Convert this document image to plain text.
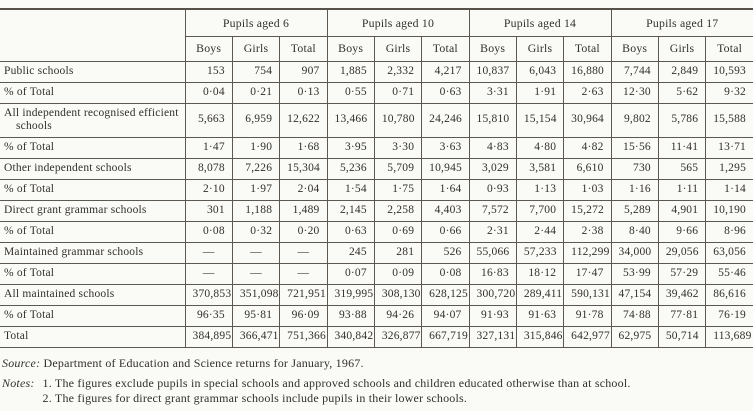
	Pupils aged 6			Pupils aged 10			Pupils aged 14			Pupils aged 17		
	Boys	Girls	Total	Boys	Girls	Total	Boys	Girls	Total	Boys	Girls	Total
Public schools	153	754	907	1,885	2,332	4,217	10,837	6,043	16,880	7,744	2,849	10,593
% of Total	0·04	0·21	0·13	0·55	0·71	0·63	3·31	1·91	2·63	12·30	5·62	9·32
All independent recognised efficient schools	5,663	6,959	12,622	13,466	10,780	24,246	15,810	15,154	30,964	9,802	5,786	15,588
% of Total	1·47	1·90	1·68	3·95	3·30	3·63	4·83	4·80	4·82	15·56	11·41	13·71
Other independent schools	8,078	7,226	15,304	5,236	5,709	10,945	3,029	3,581	6,610	730	565	1,295
% of Total	2·10	1·97	2·04	1·54	1·75	1·64	0·93	1·13	1·03	1·16	1·11	1·14
Direct grant grammar schools	301	1,188	1,489	2,145	2,258	4,403	7,572	7,700	15,272	5,289	4,901	10,190
% of Total	0·08	0·32	0·20	0·63	0·69	0·66	2·31	2·44	2·38	8·40	9·66	8·96
Maintained grammar schools	—	—	—	245	281	526	55,066	57,233	112,299	34,000	29,056	63,056
% of Total	—	—	—	0·07	0·09	0·08	16·83	18·12	17·47	53·99	57·29	55·46
All maintained schools	370,853	351,098	721,951	319,995	308,130	628,125	300,720	289,411	590,131	47,154	39,462	86,616
% of Total	96·35	95·81	96·09	93·88	94·26	94·07	91·93	91·63	91·78	74·88	77·81	76·19
Total	384,895	366,471	751,366	340,842	326,877	667,719	327,131	315,846	642,977	62,975	50,714	113,689

Source: Department of Education and Science returns for January, 1967.

Notes: 1. The figures exclude pupils in special schools and approved schools and children educated otherwise than at school.

2. The figures for direct grant grammar schools include pupils in their lower schools.
